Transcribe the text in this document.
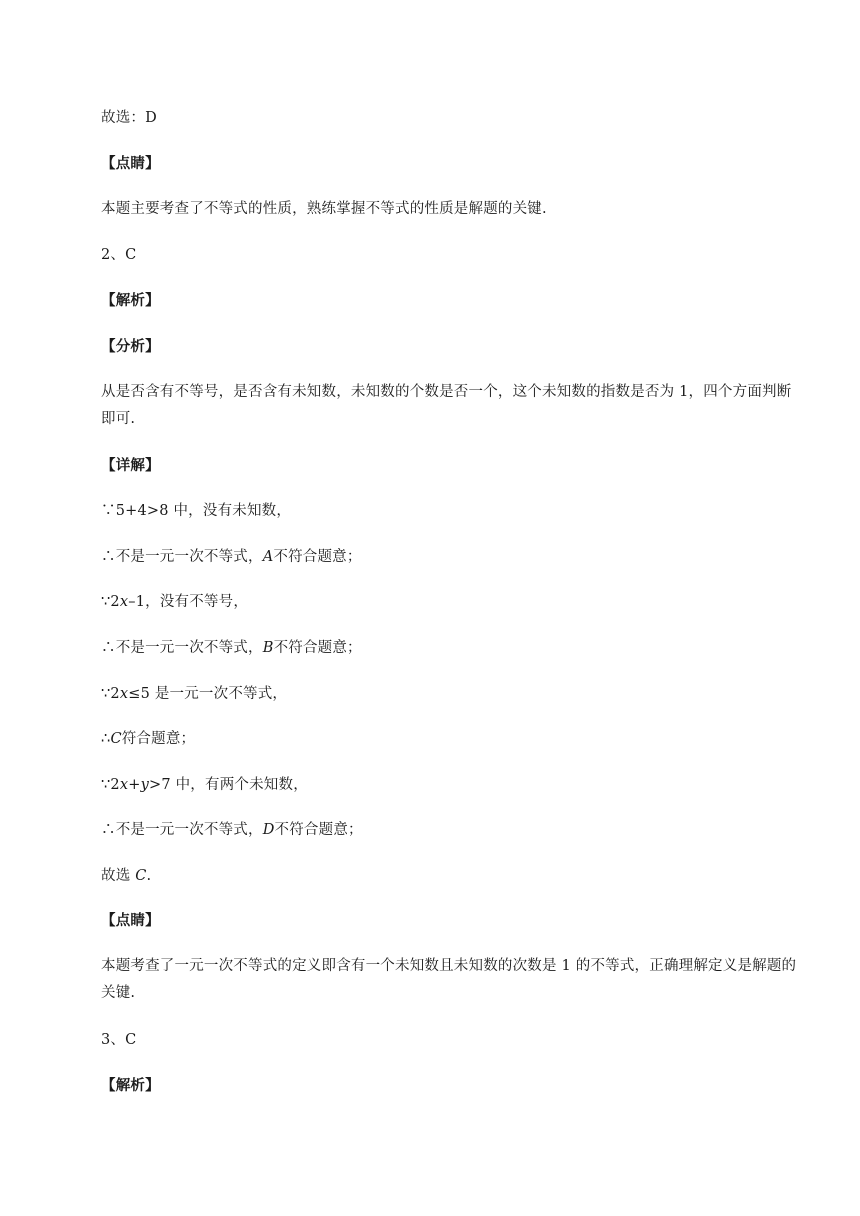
故选：D
【点睛】
本题主要考查了不等式的性质，熟练掌握不等式的性质是解题的关键.
2、C
【解析】
【分析】
从是否含有不等号，是否含有未知数，未知数的个数是否一个，这个未知数的指数是否为 1，四个方面判断即可.
【详解】
∵5+4>8 中，没有未知数，
∴不是一元一次不等式，A不符合题意；
∵2x–1，没有不等号，
∴不是一元一次不等式，B不符合题意；
∵2x≤5 是一元一次不等式，
∴C符合题意；
∵2x+y>7 中，有两个未知数，
∴不是一元一次不等式，D不符合题意；
故选 C.
【点睛】
本题考查了一元一次不等式的定义即含有一个未知数且未知数的次数是 1 的不等式，正确理解定义是解题的关键.
3、C
【解析】
